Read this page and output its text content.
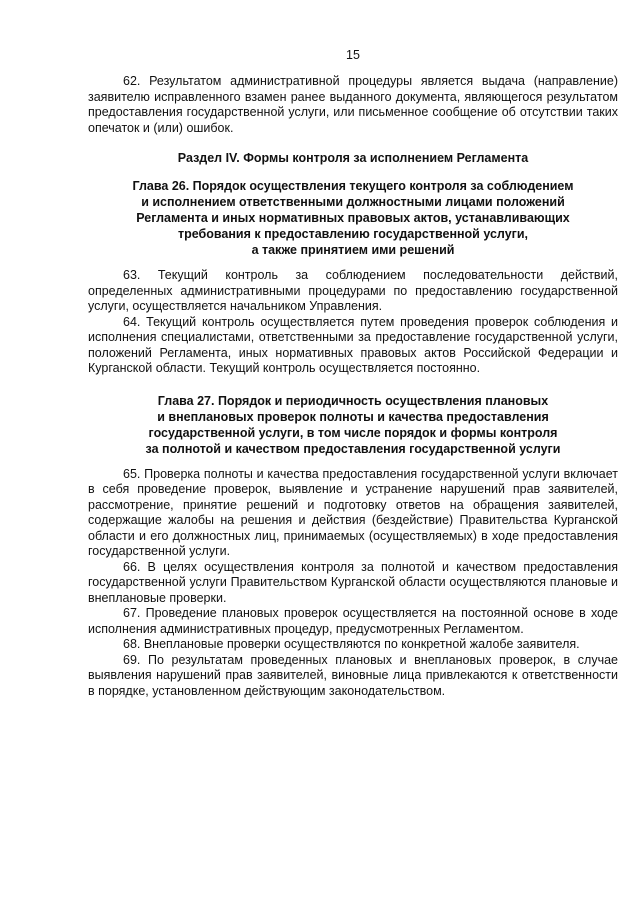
15

62. Результатом административной процедуры является выдача (направление) заявителю исправленного взамен ранее выданного документа, являющегося результатом предоставления государственной услуги, или письменное сообщение об отсутствии таких опечаток и (или) ошибок.

Раздел IV. Формы контроля за исполнением Регламента
Глава 26. Порядок осуществления текущего контроля за соблюдением
и исполнением ответственными должностными лицами положений
Регламента и иных нормативных правовых актов, устанавливающих
требования к предоставлению государственной услуги,
а также принятием ими решений

63. Текущий контроль за соблюдением последовательности действий, определенных административными процедурами по предоставлению государственной услуги, осуществляется начальником Управления.

64. Текущий контроль осуществляется путем проведения проверок соблюдения и исполнения специалистами, ответственными за предоставление государственной услуги, положений Регламента, иных нормативных правовых актов Российской Федерации и Курганской области. Текущий контроль осуществляется постоянно.

Глава 27. Порядок и периодичность осуществления плановых
и внеплановых проверок полноты и качества предоставления
государственной услуги, в том числе порядок и формы контроля
за полнотой и качеством предоставления государственной услуги

65. Проверка полноты и качества предоставления государственной услуги включает в себя проведение проверок, выявление и устранение нарушений прав заявителей, рассмотрение, принятие решений и подготовку ответов на обращения заявителей, содержащие жалобы на решения и действия (бездействие) Правительства Курганской области и его должностных лиц, принимаемых (осуществляемых) в ходе предоставления государственной услуги.

66. В целях осуществления контроля за полнотой и качеством предоставления государственной услуги Правительством Курганской области осуществляются плановые и внеплановые проверки.

67. Проведение плановых проверок осуществляется на постоянной основе в ходе исполнения административных процедур, предусмотренных Регламентом.

68. Внеплановые проверки осуществляются по конкретной жалобе заявителя.

69. По результатам проведенных плановых и внеплановых проверок, в случае выявления нарушений прав заявителей, виновные лица привлекаются к ответственности в порядке, установленном действующим законодательством.
